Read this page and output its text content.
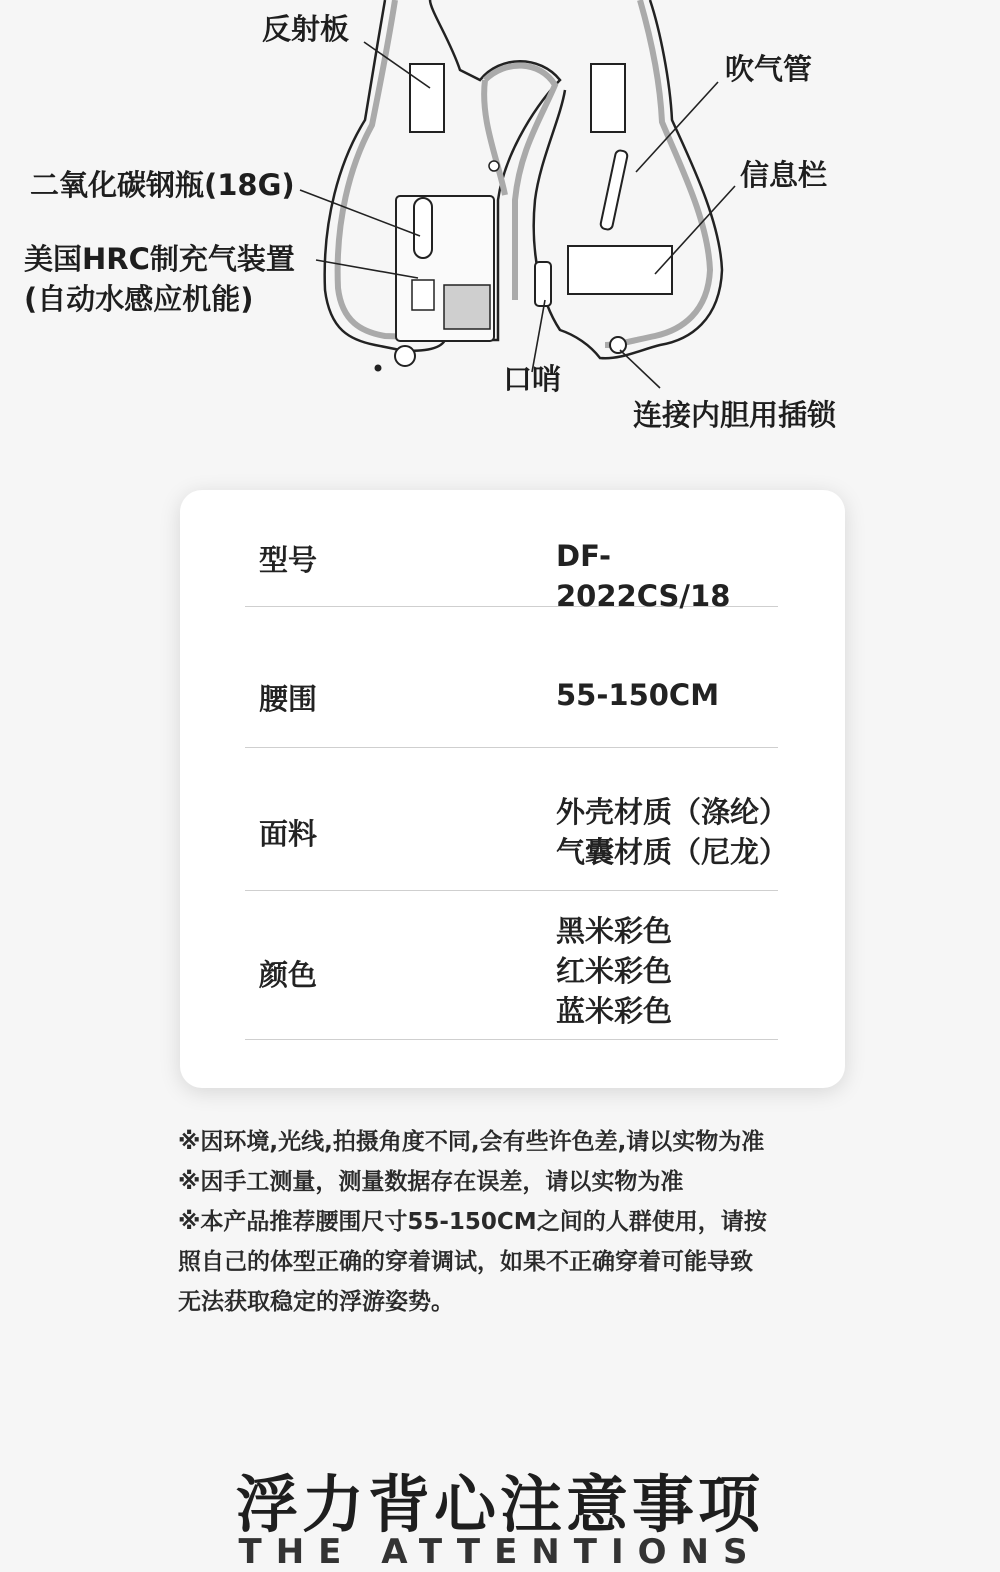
反射板
二氧化碳钢瓶(18G)
美国HRC制充气装置
(自动水感应机能)
吹气管
信息栏
口哨
连接内胆用插锁
型号	DF-2022CS/18
腰围	55-150CM
面料
外壳材质（涤纶）
气囊材质（尼龙）
颜色
黑米彩色
红米彩色
蓝米彩色
※因环境,光线,拍摄角度不同,会有些许色差,请以实物为准
※因手工测量，测量数据存在误差，请以实物为准
※本产品推荐腰围尺寸55-150CM之间的人群使用，请按
照自己的体型正确的穿着调试，如果不正确穿着可能导致
无法获取稳定的浮游姿势。
浮力背心注意事项
THE ATTENTIONS
